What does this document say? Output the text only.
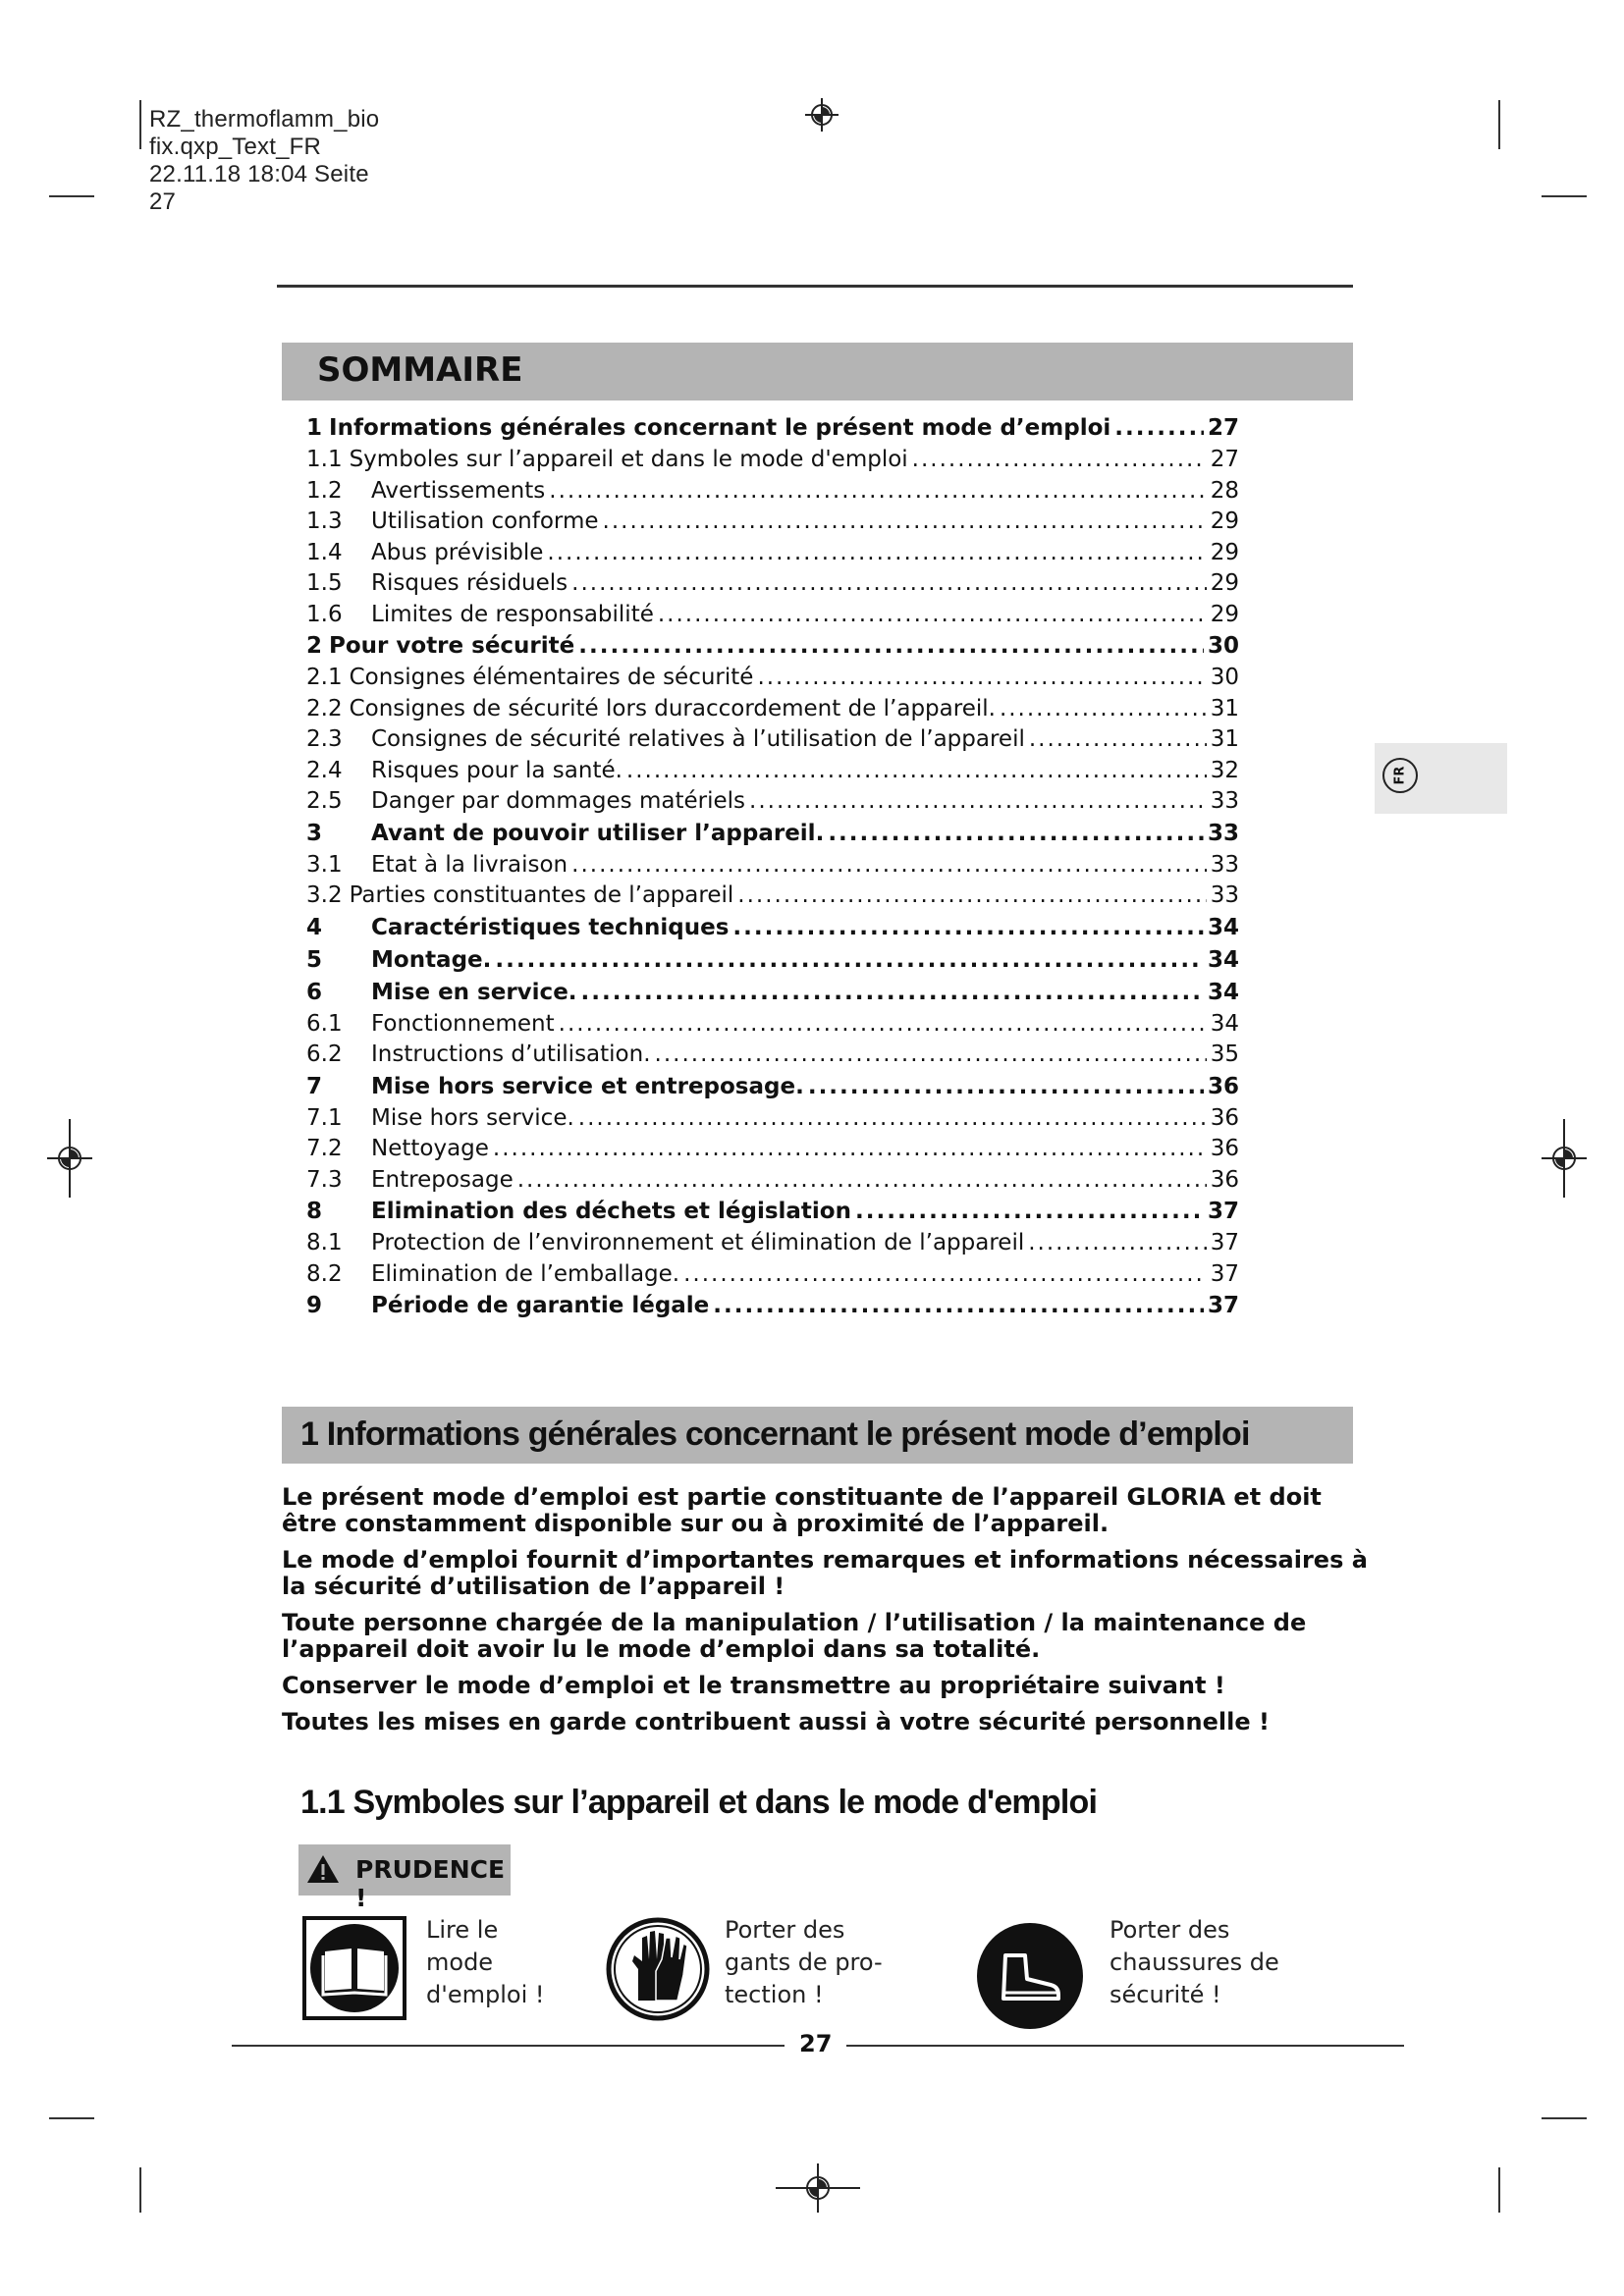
RZ_thermoflamm_bio fix.qxp_Text_FR 22.11.18 18:04 Seite 27
FR
SOMMAIRE
1 Informations générales concernant le présent mode d’emploi .....	27
1.1 Symboles sur l’appareil et dans le mode d'emploi .....	27
1.2	Avertissements .....	28
1.3	Utilisation conforme .....	29
1.4	Abus prévisible .....	29
1.5	Risques résiduels .....	29
1.6	Limites de responsabilité .....	29
2 Pour votre sécurité .....	30
2.1 Consignes élémentaires de sécurité .....	30
2.2 Consignes de sécurité lors duraccordement de l’appareil. .....	31
2.3	Consignes de sécurité relatives à l’utilisation de l’appareil .....	31
2.4	Risques pour la santé. .....	32
2.5	Danger par dommages matériels .....	33
3	Avant de pouvoir utiliser l’appareil. .....	33
3.1	Etat à la livraison .....	33
3.2 Parties constituantes de l’appareil .....	33
4	Caractéristiques techniques .....	34
5	Montage. .....	34
6	Mise en service. .....	34
6.1	Fonctionnement .....	34
6.2	Instructions d’utilisation. .....	35
7	Mise hors service et entreposage. .....	36
7.1	Mise hors service. .....	36
7.2	Nettoyage .....	36
7.3	Entreposage .....	36
8	Elimination des déchets et législation .....	37
8.1	Protection de l’environnement et élimination de l’appareil .....	37
8.2	Elimination de l’emballage. .....	37
9	Période de garantie légale .....	37
1 Informations générales concernant le présent mode d’emploi

Le présent mode d’emploi est partie constituante de l’appareil GLORIA et doit être constamment disponible sur ou à proximité de l’appareil.

Le mode d’emploi fournit d’importantes remarques et informations nécessaires à la sécurité d’utilisation de l’appareil !

Toute personne chargée de la manipulation / l’utilisation / la maintenance de l’appareil doit avoir lu le mode d’emploi dans sa totalité.

Conserver le mode d’emploi et le transmettre au propriétaire suivant !

Toutes les mises en garde contribuent aussi à votre sécurité personnelle !

1.1 Symboles sur l’appareil et dans le mode d'emploi
PRUDENCE !
Lire le
mode
d'emploi !
Porter des
gants de pro-
tection !
Porter des
chaussures de
sécurité !
27
